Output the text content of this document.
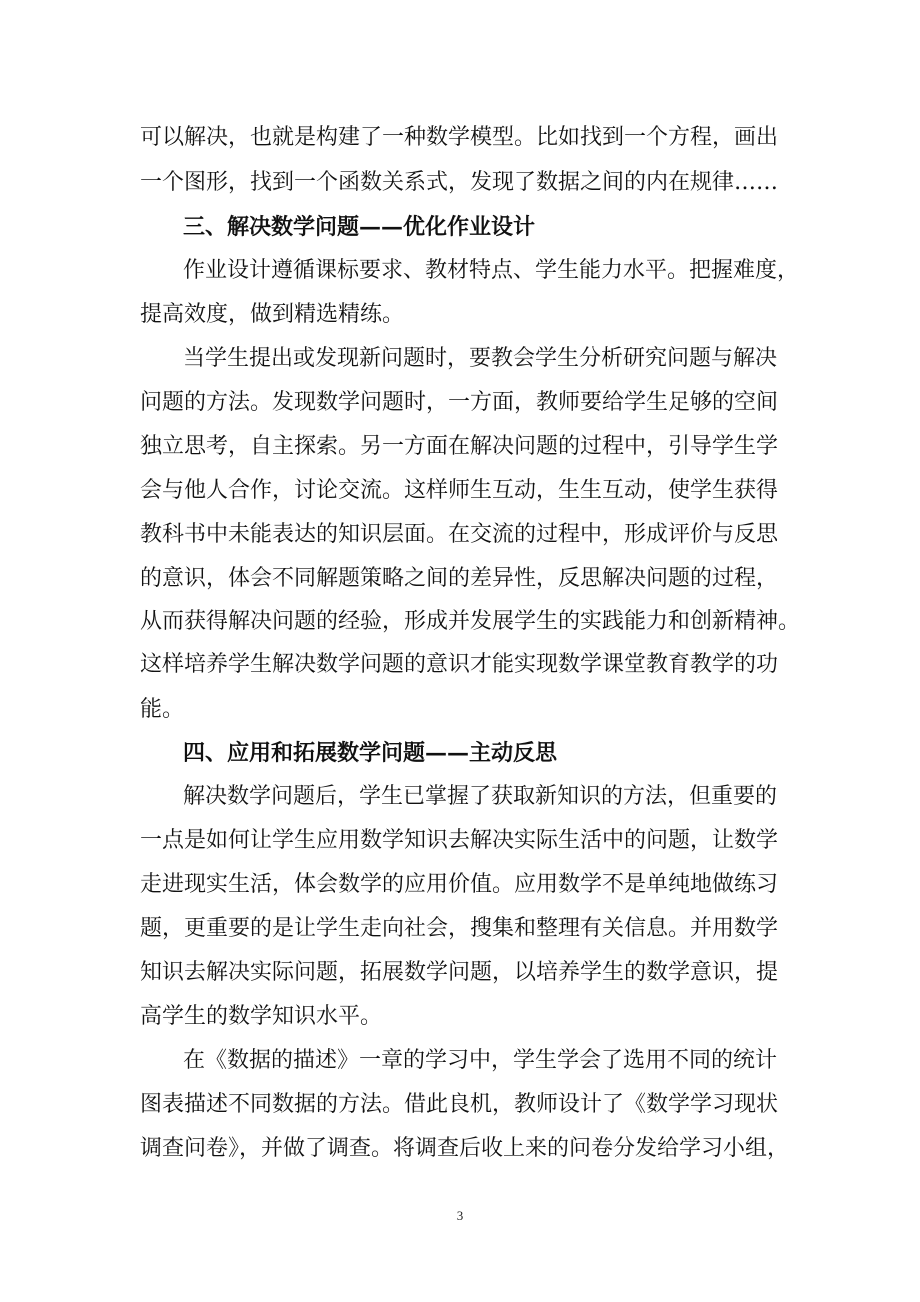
可以解决，也就是构建了一种数学模型。比如找到一个方程，画出
一个图形，找到一个函数关系式，发现了数据之间的内在规律……
三、解决数学问题——优化作业设计
作业设计遵循课标要求、教材特点、学生能力水平。把握难度，
提高效度，做到精选精练。
当学生提出或发现新问题时，要教会学生分析研究问题与解决
问题的方法。发现数学问题时，一方面，教师要给学生足够的空间
独立思考，自主探索。另一方面在解决问题的过程中，引导学生学
会与他人合作，讨论交流。这样师生互动，生生互动，使学生获得
教科书中未能表达的知识层面。在交流的过程中，形成评价与反思
的意识，体会不同解题策略之间的差异性，反思解决问题的过程，
从而获得解决问题的经验，形成并发展学生的实践能力和创新精神。
这样培养学生解决数学问题的意识才能实现数学课堂教育教学的功
能。
四、应用和拓展数学问题——主动反思
解决数学问题后，学生已掌握了获取新知识的方法，但重要的
一点是如何让学生应用数学知识去解决实际生活中的问题，让数学
走进现实生活，体会数学的应用价值。应用数学不是单纯地做练习
题，更重要的是让学生走向社会，搜集和整理有关信息。并用数学
知识去解决实际问题，拓展数学问题，以培养学生的数学意识，提
高学生的数学知识水平。
在《数据的描述》一章的学习中，学生学会了选用不同的统计
图表描述不同数据的方法。借此良机，教师设计了《数学学习现状
调查问卷》，并做了调查。将调查后收上来的问卷分发给学习小组，
3
